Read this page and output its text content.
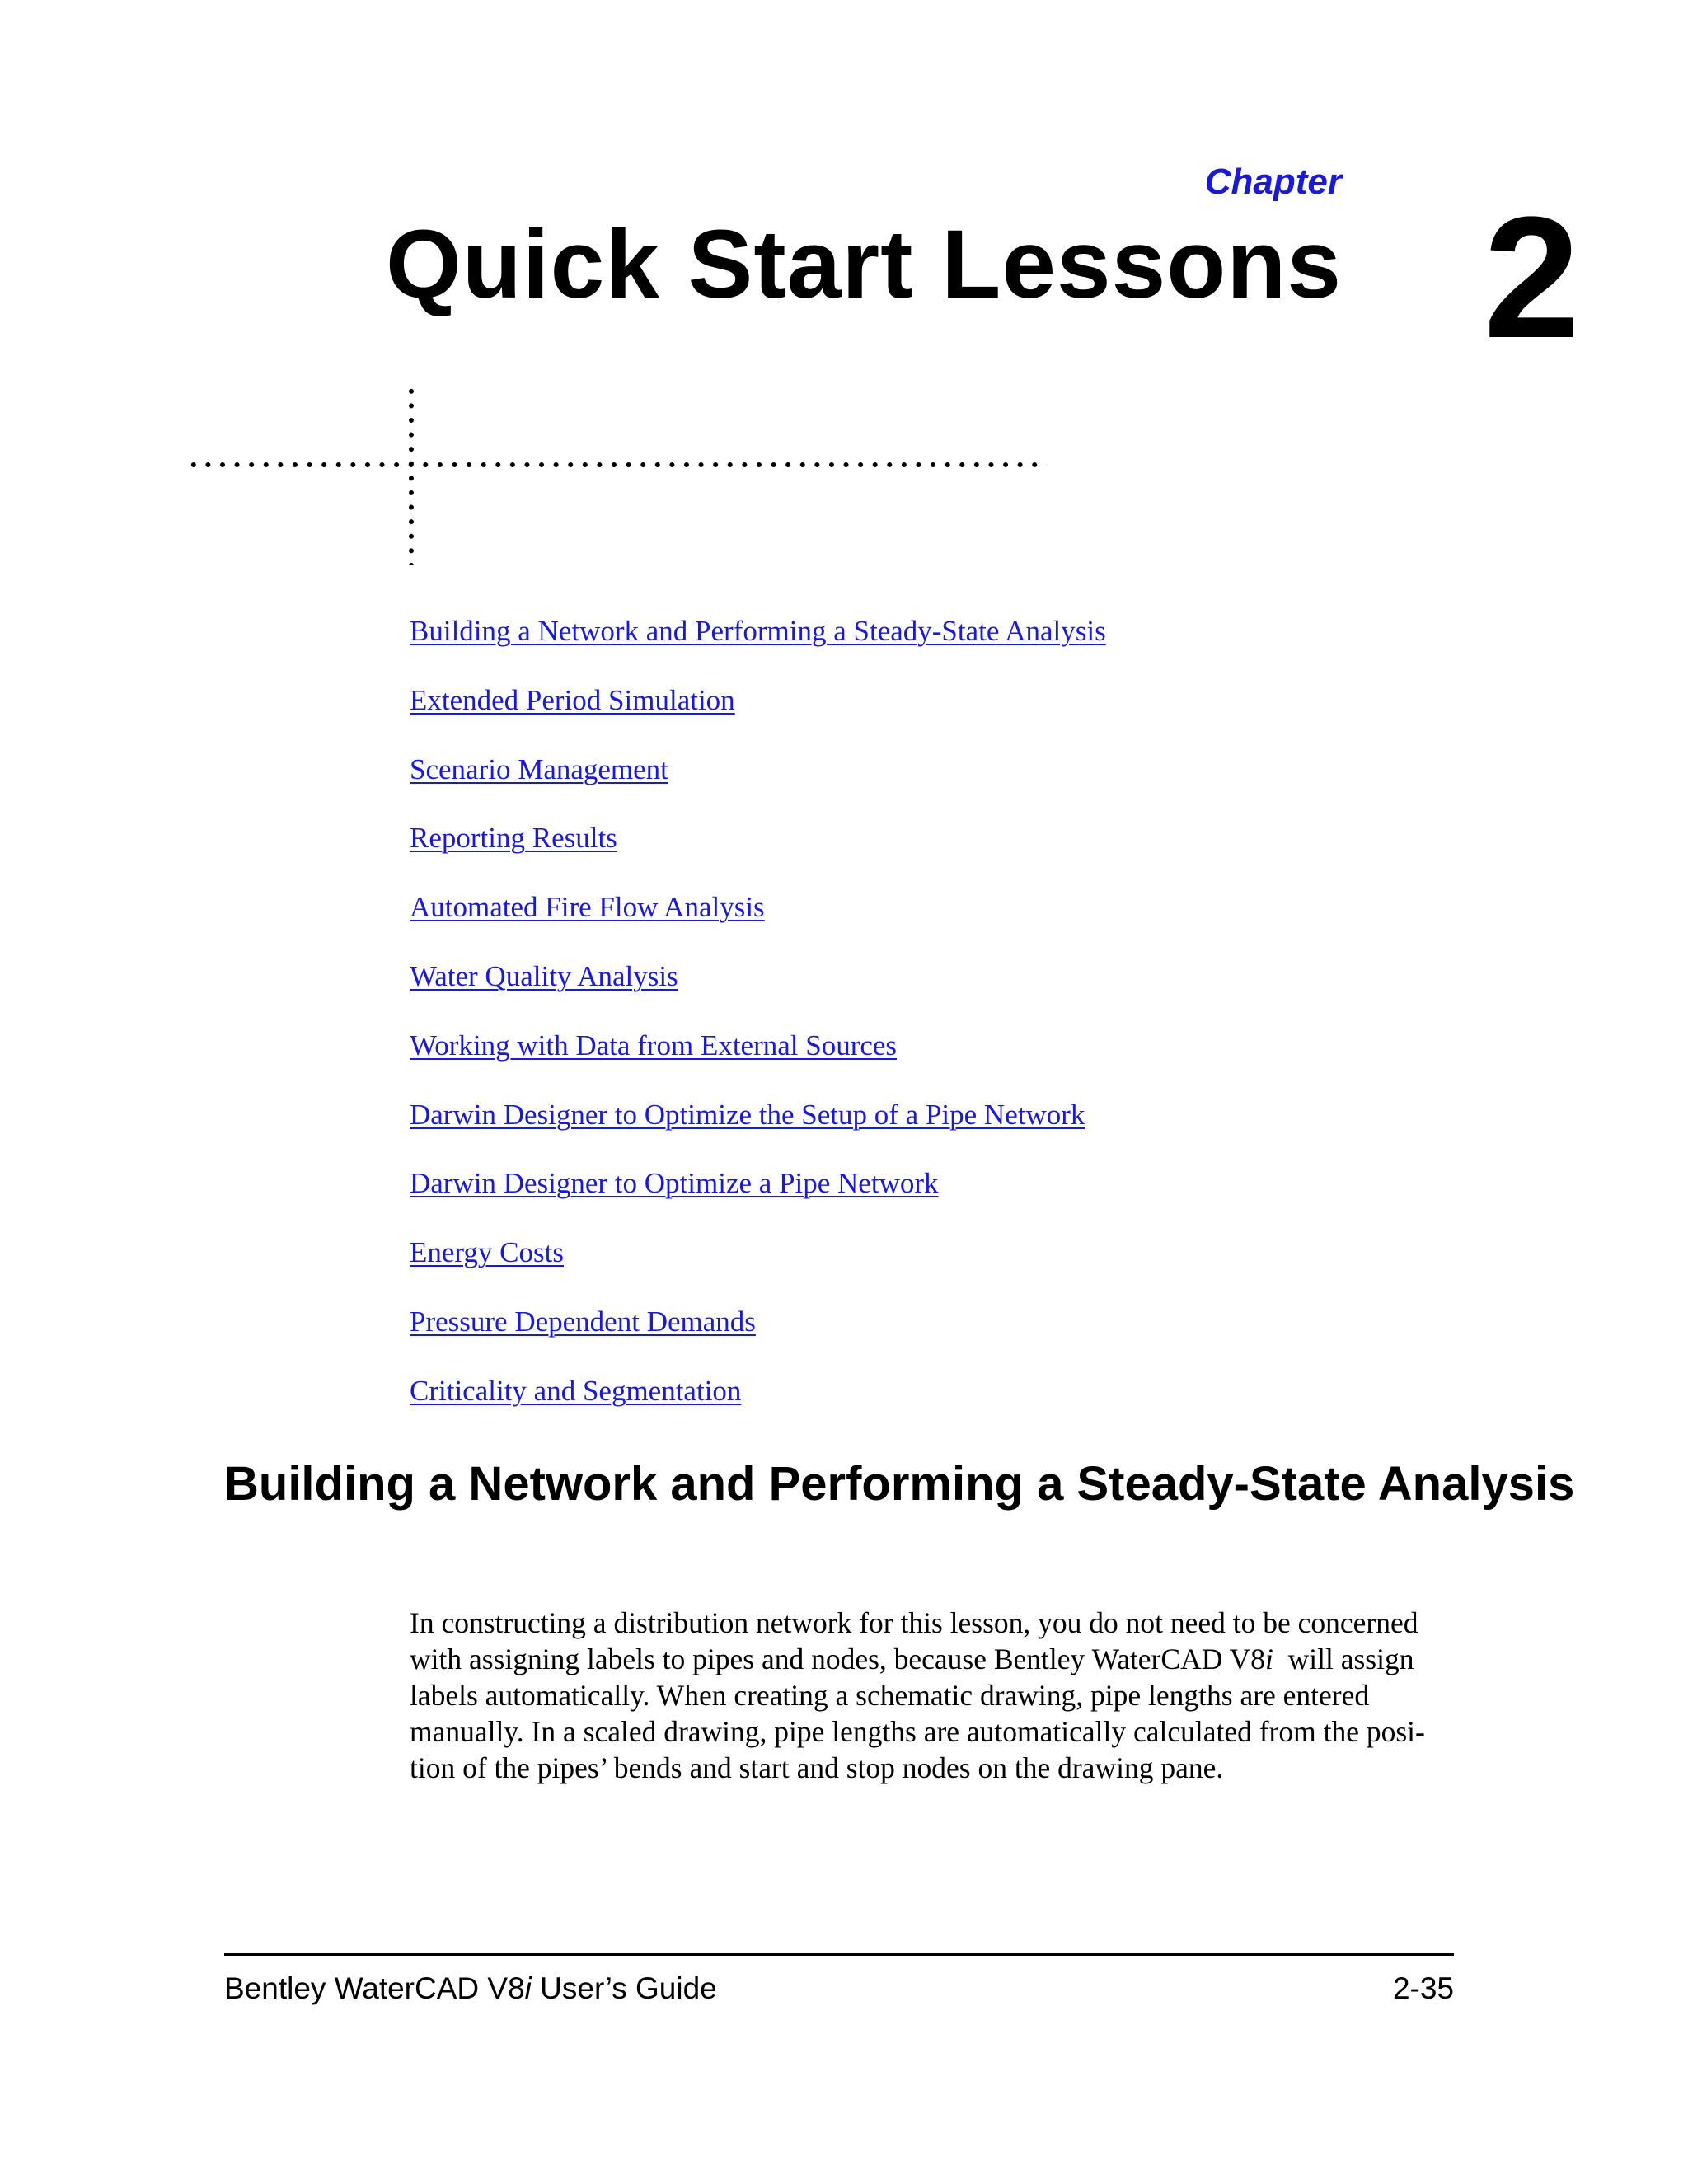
Chapter
Quick Start Lessons 2
Building a Network and Performing a Steady-State Analysis
Extended Period Simulation
Scenario Management
Reporting Results
Automated Fire Flow Analysis
Water Quality Analysis
Working with Data from External Sources
Darwin Designer to Optimize the Setup of a Pipe Network
Darwin Designer to Optimize a Pipe Network
Energy Costs
Pressure Dependent Demands
Criticality and Segmentation
Building a Network and Performing a Steady-State Analysis

In constructing a distribution network for this lesson, you do not need to be concerned
with assigning labels to pipes and nodes, because Bentley WaterCAD V8i  will assign
labels automatically. When creating a schematic drawing, pipe lengths are entered
manually. In a scaled drawing, pipe lengths are automatically calculated from the posi-
tion of the pipes’ bends and start and stop nodes on the drawing pane.

Bentley WaterCAD V8i User’s Guide	2-35
